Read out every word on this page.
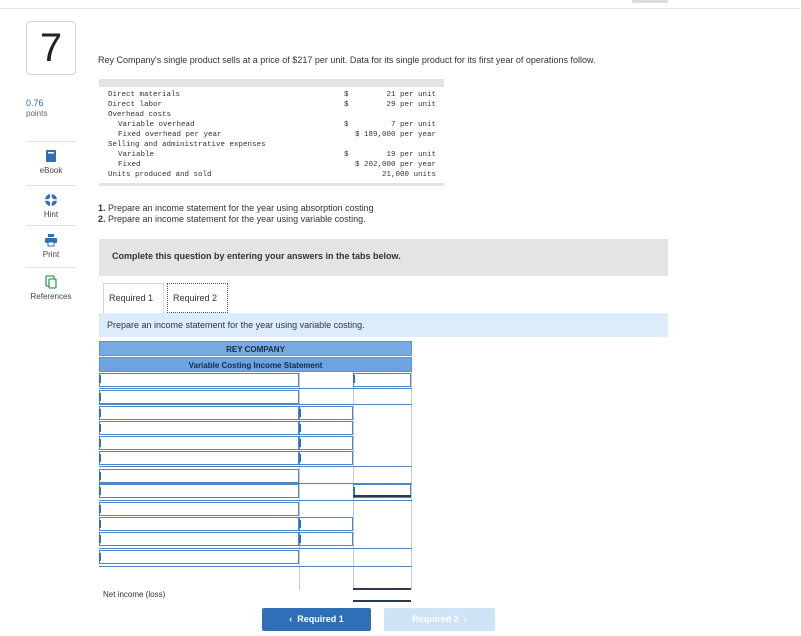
7
0.76
points
eBook
Hint
Print
References
Rey Company's single product sells at a price of $217 per unit. Data for its single product for its first year of operations follow.
Direct materials	$	21 per unit
Direct labor	$	29 per unit
Overhead costs
Variable overhead	$	7 per unit
Fixed overhead per year	$ 189,000 per year
Selling and administrative expenses
Variable	$	19 per unit
Fixed	$ 202,000 per year
Units produced and sold	21,000 units
1. Prepare an income statement for the year using absorption costing
2. Prepare an income statement for the year using variable costing.
Complete this question by entering your answers in the tabs below.
Required 1	Required 2
Prepare an income statement for the year using variable costing.
REY COMPANY
Variable Costing Income Statement
Net income (loss)
‹  Required 1	Required 2  ›
